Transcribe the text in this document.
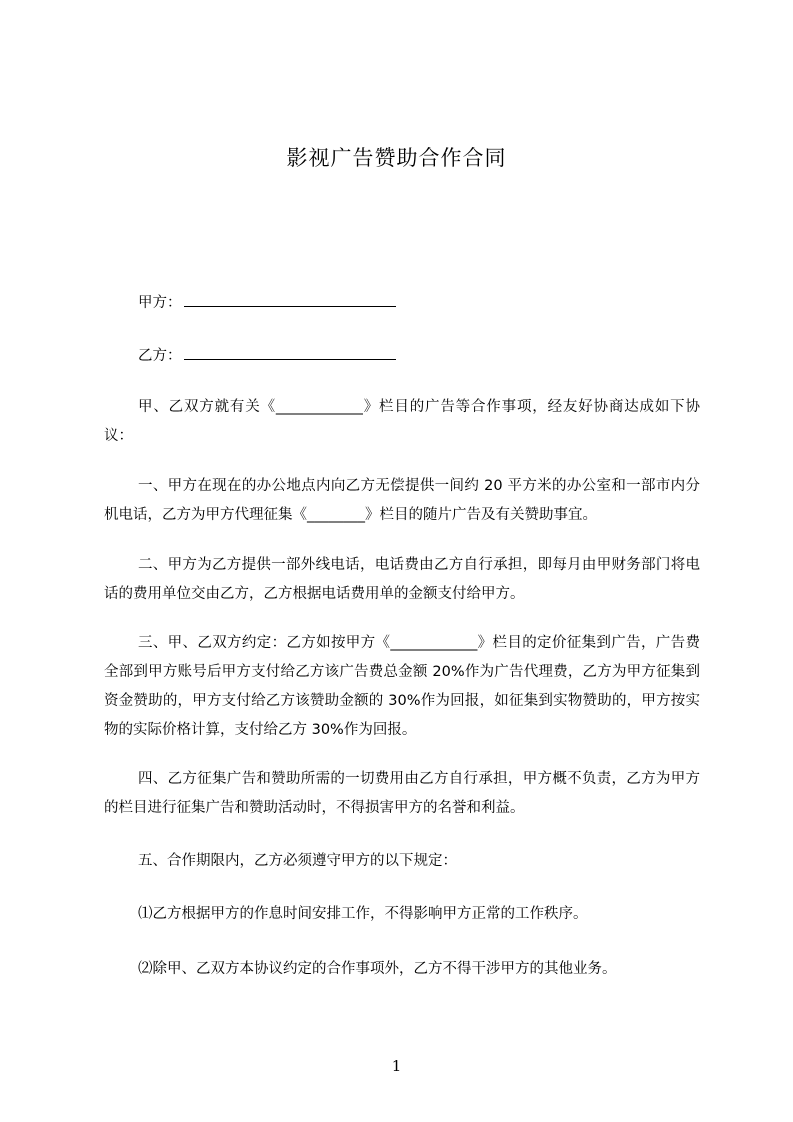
影视广告赞助合作合同
甲方：
乙方：
甲、乙双方就有关《____________》栏目的广告等合作事项，经友好协商达成如下协议：
一、甲方在现在的办公地点内向乙方无偿提供一间约 20 平方米的办公室和一部市内分机电话，乙方为甲方代理征集《________》栏目的随片广告及有关赞助事宜。
二、甲方为乙方提供一部外线电话，电话费由乙方自行承担，即每月由甲财务部门将电话的费用单位交由乙方，乙方根据电话费用单的金额支付给甲方。
三、甲、乙双方约定：乙方如按甲方《____________》栏目的定价征集到广告，广告费全部到甲方账号后甲方支付给乙方该广告费总金额 20%作为广告代理费，乙方为甲方征集到资金赞助的，甲方支付给乙方该赞助金额的 30%作为回报，如征集到实物赞助的，甲方按实物的实际价格计算，支付给乙方 30%作为回报。
四、乙方征集广告和赞助所需的一切费用由乙方自行承担，甲方概不负责，乙方为甲方的栏目进行征集广告和赞助活动时，不得损害甲方的名誉和利益。
五、合作期限内，乙方必须遵守甲方的以下规定：
⑴乙方根据甲方的作息时间安排工作，不得影响甲方正常的工作秩序。
⑵除甲、乙双方本协议约定的合作事项外，乙方不得干涉甲方的其他业务。
1
